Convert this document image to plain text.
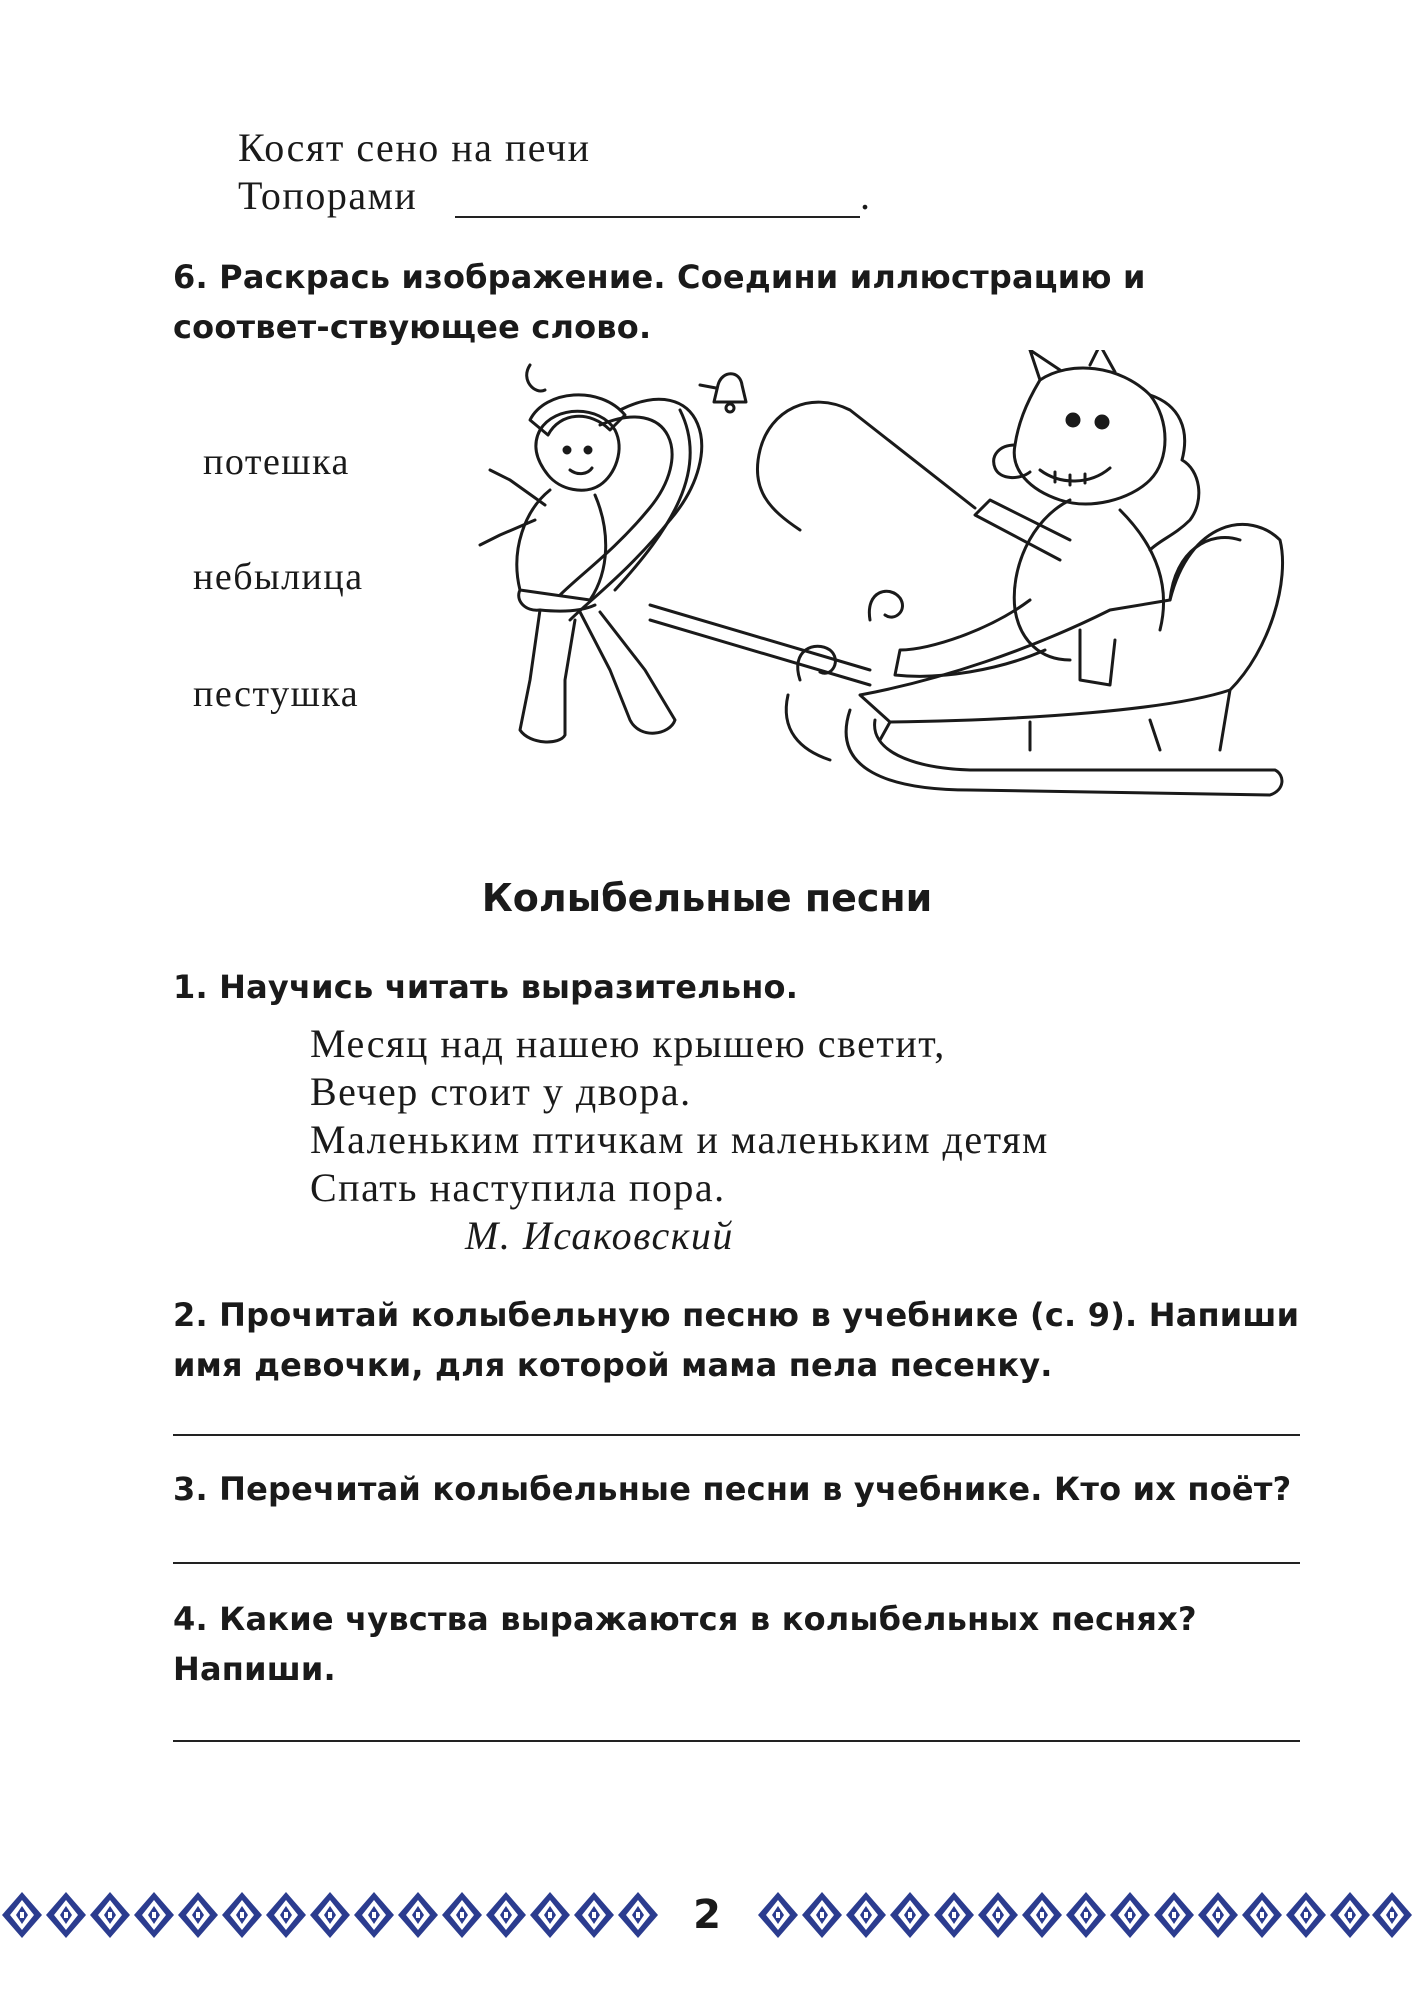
Косят сено на печи
Топорами	.
6. Раскрась изображение. Соедини иллюстрацию и соответ-ствующее слово.
потешка
небылица
пестушка
Колыбельные песни
1. Научись читать выразительно.
Месяц над нашею крышею светит,
Вечер стоит у двора.
Маленьким птичкам и маленьким детям
Спать наступила пора.
М. Исаковский
2. Прочитай колыбельную песню в учебнике (с. 9). Напиши имя девочки, для которой мама пела песенку.
3. Перечитай колыбельные песни в учебнике. Кто их поёт?
4. Какие чувства выражаются в колыбельных песнях? Напиши.
2
